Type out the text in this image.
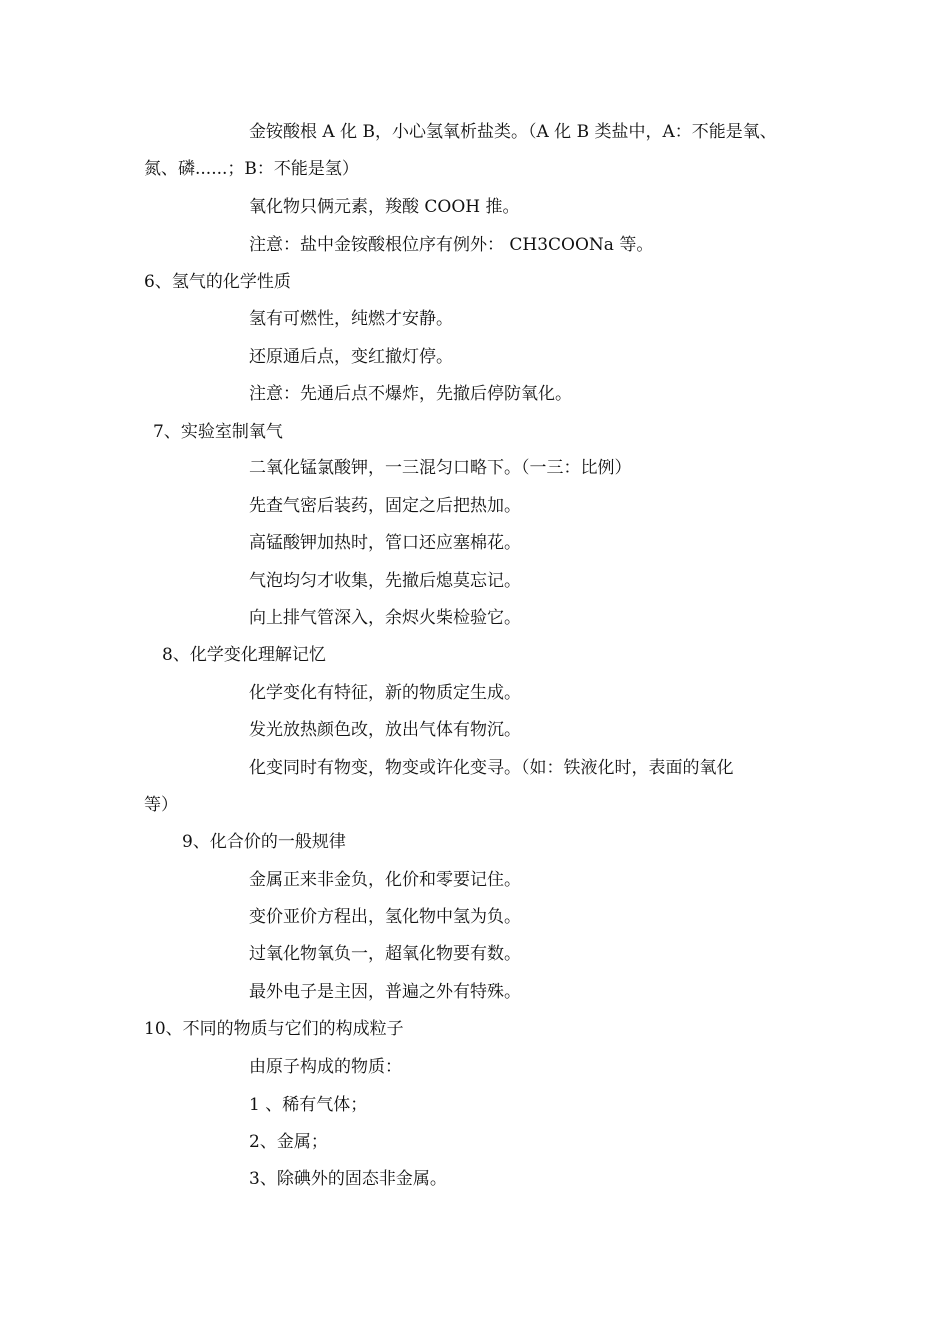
金铵酸根 A 化 B，小心氢氧析盐类。（A 化 B 类盐中，A：不能是氧、
氮、磷......；B：不能是氢）
氧化物只俩元素，羧酸 COOH 推。
注意：盐中金铵酸根位序有例外： CH3COONa 等。
6、氢气的化学性质
氢有可燃性，纯燃才安静。
还原通后点，变红撤灯停。
注意：先通后点不爆炸，先撤后停防氧化。
7、实验室制氧气
二氧化锰氯酸钾，一三混匀口略下。（一三：比例）
先查气密后装药，固定之后把热加。
高锰酸钾加热时，管口还应塞棉花。
气泡均匀才收集，先撤后熄莫忘记。
向上排气管深入，余烬火柴检验它。
8、化学变化理解记忆
化学变化有特征，新的物质定生成。
发光放热颜色改，放出气体有物沉。
化变同时有物变，物变或许化变寻。（如：铁液化时，表面的氧化
等）
9、化合价的一般规律
金属正来非金负，化价和零要记住。
变价亚价方程出，氢化物中氢为负。
过氧化物氧负一，超氧化物要有数。
最外电子是主因，普遍之外有特殊。
10、不同的物质与它们的构成粒子
由原子构成的物质：
1 、稀有气体；
2、金属；
3、除碘外的固态非金属。
